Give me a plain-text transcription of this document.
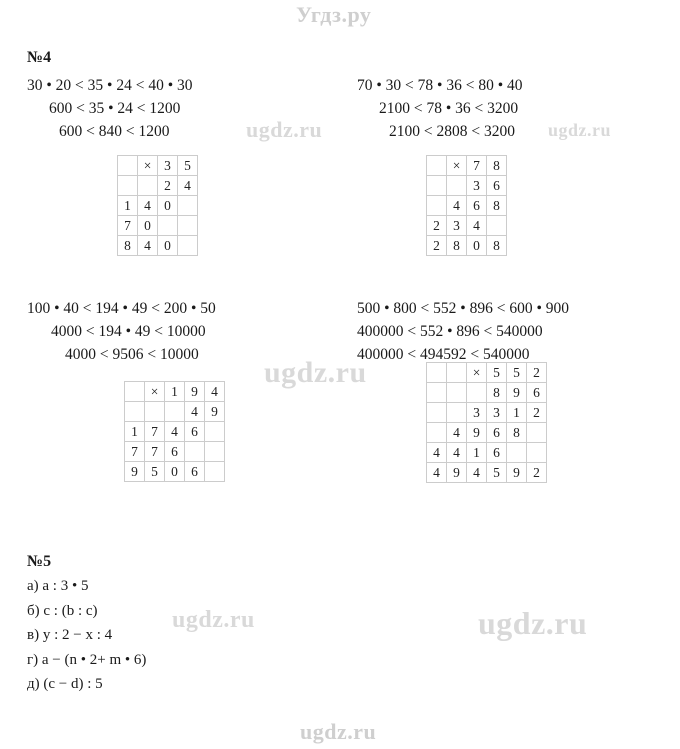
Угдз.ру
ugdz.ru	ugdz.ru
ugdz.ru
ugdz.ru	ugdz.ru
ugdz.ru
№4
30 • 20 < 35 • 24 < 40 • 30
600 < 35 • 24 < 1200
600 < 840 < 1200
70 • 30 < 78 • 36 < 80 • 40
2100 < 78 • 36 < 3200
2100 < 2808 < 3200
100 • 40 < 194 • 49 < 200 • 50
4000 < 194 • 49 < 10000
4000 < 9506 < 10000
500 • 800 < 552 • 896 < 600 • 900
400000 < 552 • 896 < 540000
400000 < 494592 < 540000
	×	3	5
		2	4
1	4	0	
7	0		
8	4	0	
	×	7	8
		3	6
	4	6	8
2	3	4	
2	8	0	8
	×	1	9	4
			4	9
1	7	4	6	
7	7	6		
9	5	0	6	
		×	5	5	2
			8	9	6
		3	3	1	2
	4	9	6	8	
4	4	1	6		
4	9	4	5	9	2
№5
а) a : 3 • 5
б) с : (b : с)
в) у : 2 − х : 4
г) a − (n • 2+ m • 6)
д) (c − d) : 5
